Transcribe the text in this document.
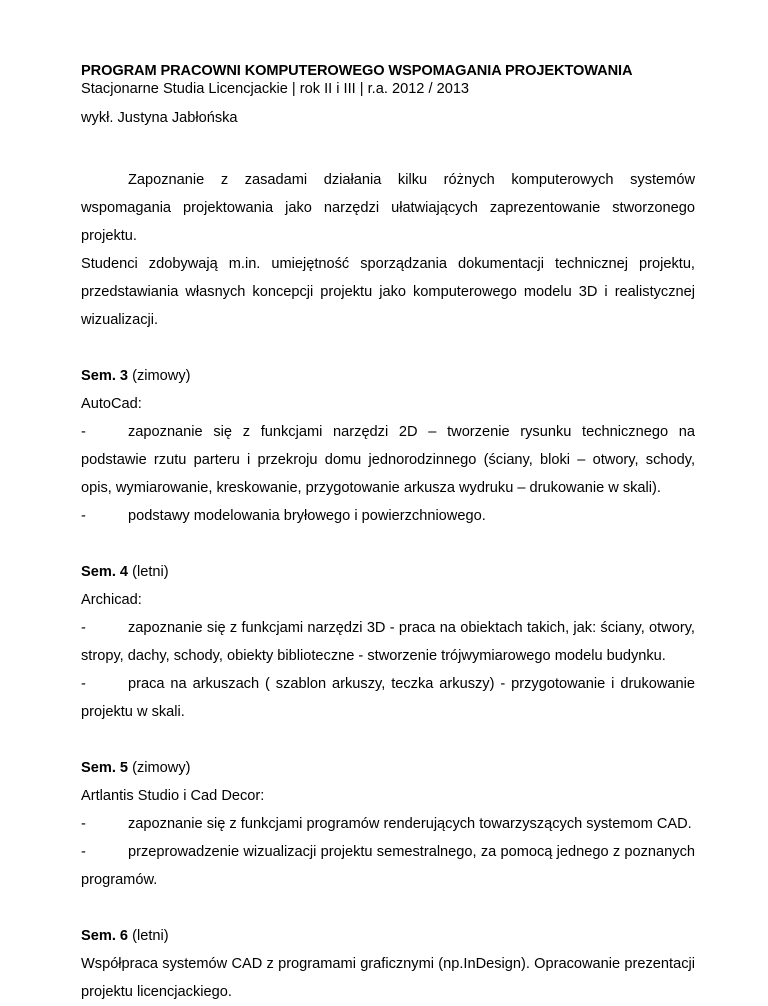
PROGRAM PRACOWNI KOMPUTEROWEGO WSPOMAGANIA PROJEKTOWANIA
Stacjonarne Studia Licencjackie | rok II i III | r.a. 2012 / 2013
wykł. Justyna Jabłońska

Zapoznanie z zasadami działania kilku różnych komputerowych systemów wspomagania projektowania jako narzędzi ułatwiających zaprezentowanie stworzonego projektu.

Studenci zdobywają m.in. umiejętność sporządzania dokumentacji technicznej projektu, przedstawiania własnych koncepcji projektu jako komputerowego modelu 3D i realistycznej wizualizacji.

Sem. 3 (zimowy)
AutoCad:
-	zapoznanie się z funkcjami narzędzi 2D – tworzenie rysunku technicznego na podstawie rzutu parteru i przekroju domu jednorodzinnego (ściany, bloki – otwory, schody, opis, wymiarowanie, kreskowanie, przygotowanie arkusza wydruku – drukowanie w skali).
-	podstawy modelowania bryłowego i powierzchniowego.
Sem. 4 (letni)
Archicad:
-	zapoznanie się z funkcjami narzędzi 3D - praca na obiektach takich, jak: ściany, otwory, stropy, dachy, schody, obiekty biblioteczne - stworzenie trójwymiarowego modelu budynku.
-	praca na arkuszach ( szablon arkuszy, teczka arkuszy) - przygotowanie i drukowanie projektu w skali.
Sem. 5 (zimowy)
Artlantis Studio i Cad Decor:
-	zapoznanie się z funkcjami programów renderujących towarzyszących systemom CAD.
-	przeprowadzenie wizualizacji projektu semestralnego, za pomocą jednego z poznanych programów.
Sem. 6 (letni)

Współpraca systemów CAD z programami graficznymi (np.InDesign). Opracowanie prezentacji projektu licencjackiego.
